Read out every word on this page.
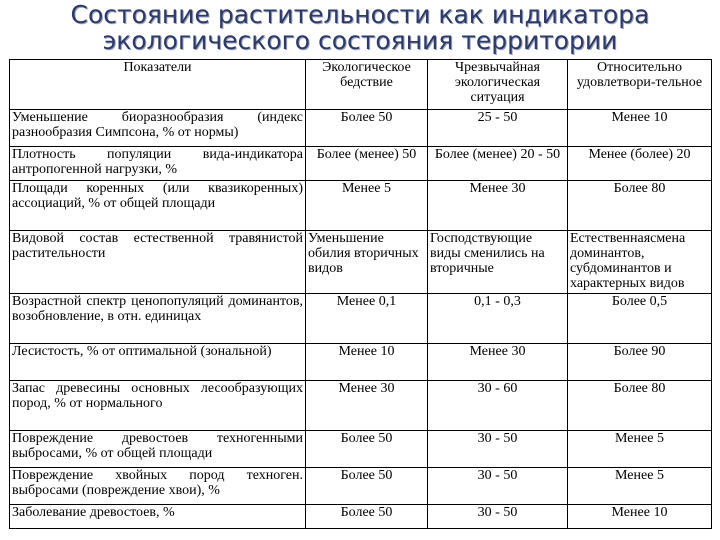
Состояние растительности как индикатора
экологического состояния территории
Показатели	Экологическое бедствие	Чрезвычайная экологическая ситуация	Относительно удовлетвори-тельное
Уменьшение биоразнообразия (индекс разнообразия Симпсона, % от нормы)	Более 50	25 - 50	Менее 10
Плотность популяции вида-индикатора антропогенной нагрузки, %	Более (менее) 50	Более (менее) 20 - 50	Менее (более) 20
Площади коренных (или квазикоренных) ассоциаций, % от общей площади	Менее 5	Менее 30	Более 80
Видовой состав естественной травянистой растительности	Уменьшение обилия вторичных видов	Господствующие виды сменились на вторичные	Естественнаясмена доминантов, субдоминантов и характерных видов
Возрастной спектр ценопопуляций доминантов, возобновление, в отн. единицах	Менее 0,1	0,1 - 0,3	Более 0,5
Лесистость, % от оптимальной (зональной)	Менее 10	Менее 30	Более 90
Запас древесины основных лесообразующих пород, % от нормального	Менее 30	30 - 60	Более 80
Повреждение древостоев техногенными выбросами, % от общей площади	Более 50	30 - 50	Менее 5
Повреждение хвойных пород техноген. выбросами (повреждение хвои), %	Более 50	30 - 50	Менее 5
Заболевание древостоев, %	Более 50	30 - 50	Менее 10
